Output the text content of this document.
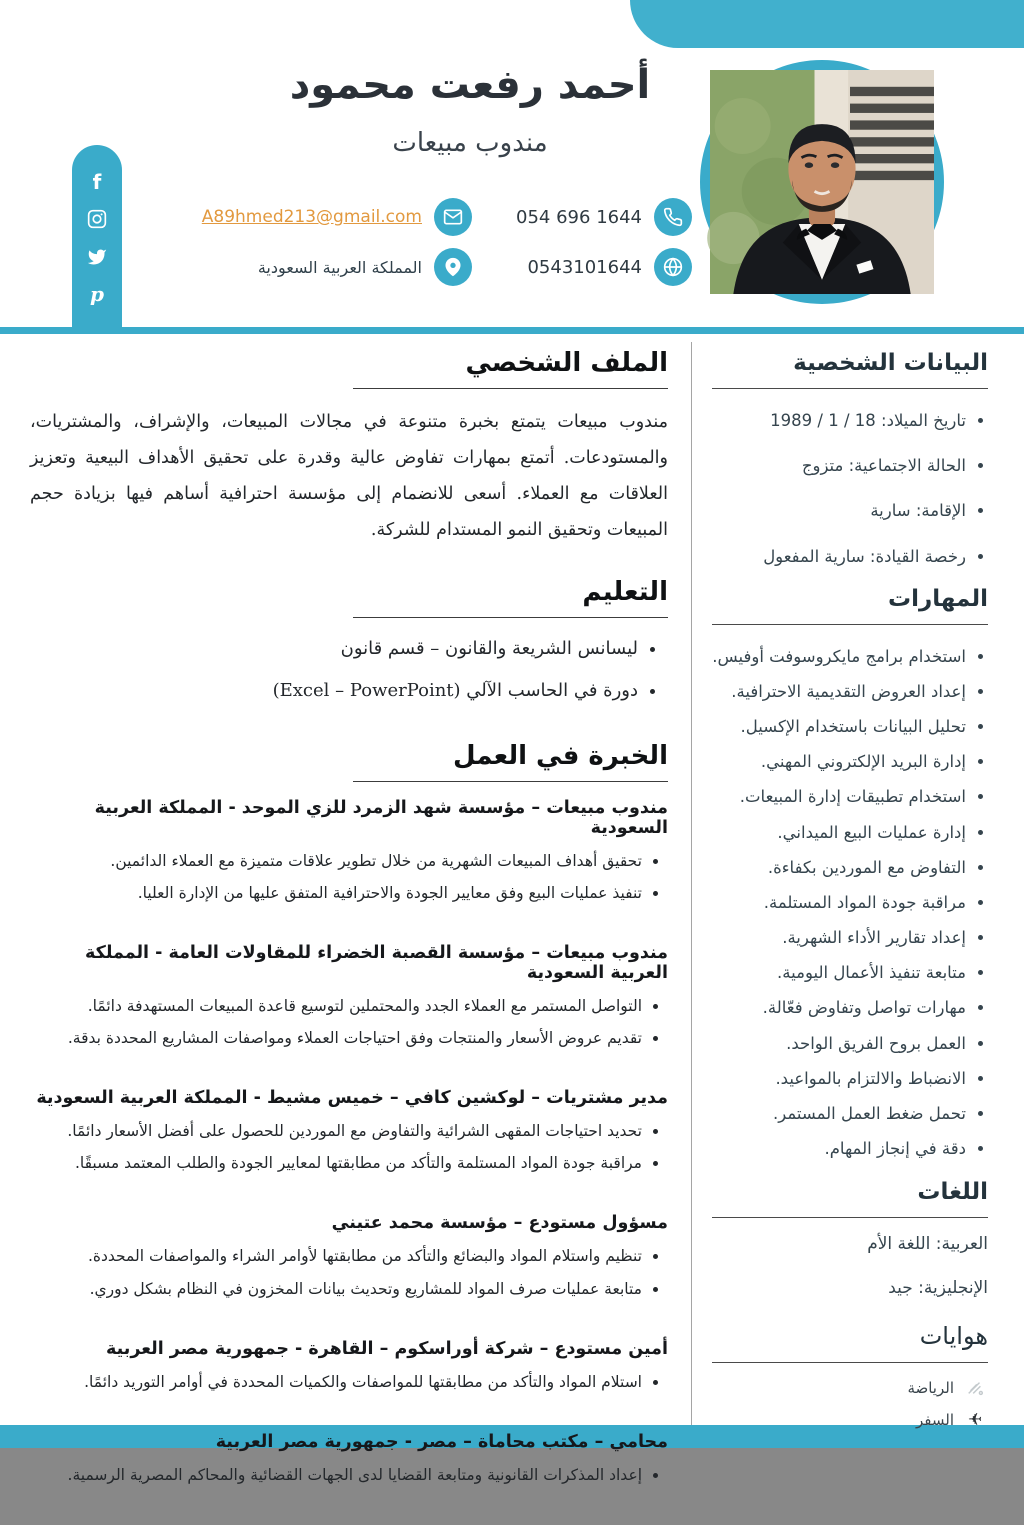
f
p
أحمد رفعت محمود
مندوب مبيعات
054 696 1644
A89hmed213@gmail.com
0543101644
المملكة العربية السعودية
البيانات الشخصية
• تاريخ الميلاد: 18 / 1 / 1989
• الحالة الاجتماعية: متزوج
• الإقامة: سارية
• رخصة القيادة: سارية المفعول
المهارات
• استخدام برامج مايكروسوفت أوفيس.
• إعداد العروض التقديمية الاحترافية.
• تحليل البيانات باستخدام الإكسيل.
• إدارة البريد الإلكتروني المهني.
• استخدام تطبيقات إدارة المبيعات.
• إدارة عمليات البيع الميداني.
• التفاوض مع الموردين بكفاءة.
• مراقبة جودة المواد المستلمة.
• إعداد تقارير الأداء الشهرية.
• متابعة تنفيذ الأعمال اليومية.
• مهارات تواصل وتفاوض فعّالة.
• العمل بروح الفريق الواحد.
• الانضباط والالتزام بالمواعيد.
• تحمل ضغط العمل المستمر.
• دقة في إنجاز المهام.
اللغات

العربية: اللغة الأم

الإنجليزية: جيد

هوايات
الرياضة
✈
السفر
الملف الشخصي

مندوب مبيعات يتمتع بخبرة متنوعة في مجالات المبيعات، والإشراف، والمشتريات، والمستودعات. أتمتع بمهارات تفاوض عالية وقدرة على تحقيق الأهداف البيعية وتعزيز العلاقات مع العملاء. أسعى للانضمام إلى مؤسسة احترافية أساهم فيها بزيادة حجم المبيعات وتحقيق النمو المستدام للشركة.

التعليم
• ليسانس الشريعة والقانون – قسم قانون
• دورة في الحاسب الآلي (Excel – PowerPoint)
الخبرة في العمل
مندوب مبيعات – مؤسسة شهد الزمرد للزي الموحد - المملكة العربية السعودية
• تحقيق أهداف المبيعات الشهرية من خلال تطوير علاقات متميزة مع العملاء الدائمين.
• تنفيذ عمليات البيع وفق معايير الجودة والاحترافية المتفق عليها من الإدارة العليا.
مندوب مبيعات – مؤسسة القصبة الخضراء للمقاولات العامة - المملكة العربية السعودية
• التواصل المستمر مع العملاء الجدد والمحتملين لتوسيع قاعدة المبيعات المستهدفة دائمًا.
• تقديم عروض الأسعار والمنتجات وفق احتياجات العملاء ومواصفات المشاريع المحددة بدقة.
مدير مشتريات – لوكشين كافي – خميس مشيط - المملكة العربية السعودية
• تحديد احتياجات المقهى الشرائية والتفاوض مع الموردين للحصول على أفضل الأسعار دائمًا.
• مراقبة جودة المواد المستلمة والتأكد من مطابقتها لمعايير الجودة والطلب المعتمد مسبقًا.
مسؤول مستودع – مؤسسة محمد عتيني
• تنظيم واستلام المواد والبضائع والتأكد من مطابقتها لأوامر الشراء والمواصفات المحددة.
• متابعة عمليات صرف المواد للمشاريع وتحديث بيانات المخزون في النظام بشكل دوري.
أمين مستودع – شركة أوراسكوم – القاهرة - جمهورية مصر العربية
• استلام المواد والتأكد من مطابقتها للمواصفات والكميات المحددة في أوامر التوريد دائمًا.
محامي – مكتب محاماة – مصر - جمهورية مصر العربية
• إعداد المذكرات القانونية ومتابعة القضايا لدى الجهات القضائية والمحاكم المصرية الرسمية.
